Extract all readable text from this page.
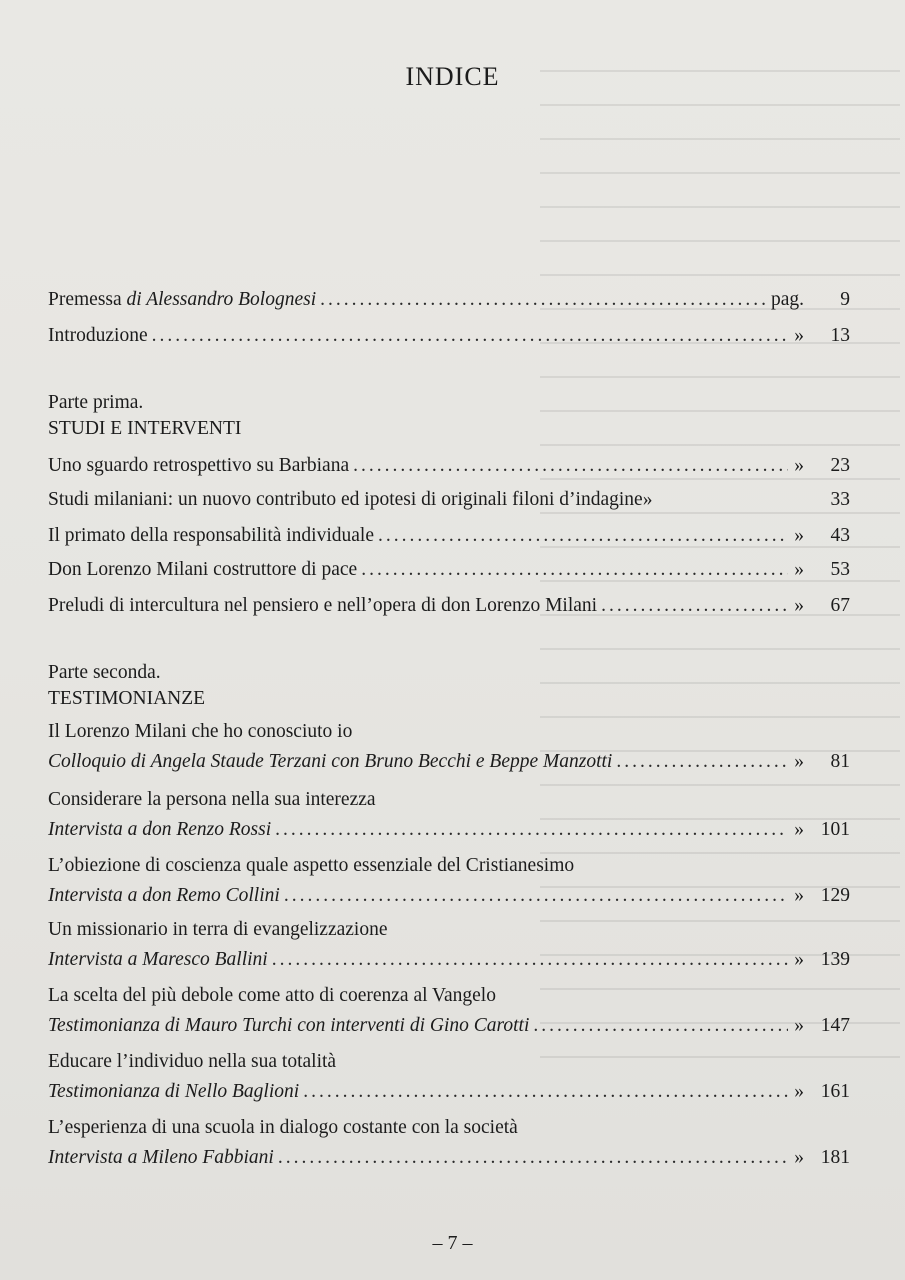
INDICE
Premessa di Alessandro Bolognesi .....	pag.	9
Introduzione .....	»	13
Parte prima.
STUDI E INTERVENTI
Uno sguardo retrospettivo su Barbiana .....	»	23
Studi milaniani: un nuovo contributo ed ipotesi di originali filoni d’indagine »	33
Il primato della responsabilità individuale .....	»	43
Don Lorenzo Milani costruttore di pace .....	»	53
Preludi di intercultura nel pensiero e nell’opera di don Lorenzo Milani .....	»	67
Parte seconda.
TESTIMONIANZE
Il Lorenzo Milani che ho conosciuto io
Colloquio di Angela Staude Terzani con Bruno Becchi e Beppe Manzotti .....	»	81
Considerare la persona nella sua interezza
Intervista a don Renzo Rossi .....	» 101
L’obiezione di coscienza quale aspetto essenziale del Cristianesimo
Intervista a don Remo Collini .....	» 129
Un missionario in terra di evangelizzazione
Intervista a Maresco Ballini .....	» 139
La scelta del più debole come atto di coerenza al Vangelo
Testimonianza di Mauro Turchi con interventi di Gino Carotti .....	» 147
Educare l’individuo nella sua totalità
Testimonianza di Nello Baglioni .....	» 161
L’esperienza di una scuola in dialogo costante con la società
Intervista a Mileno Fabbiani .....	» 181
– 7 –
